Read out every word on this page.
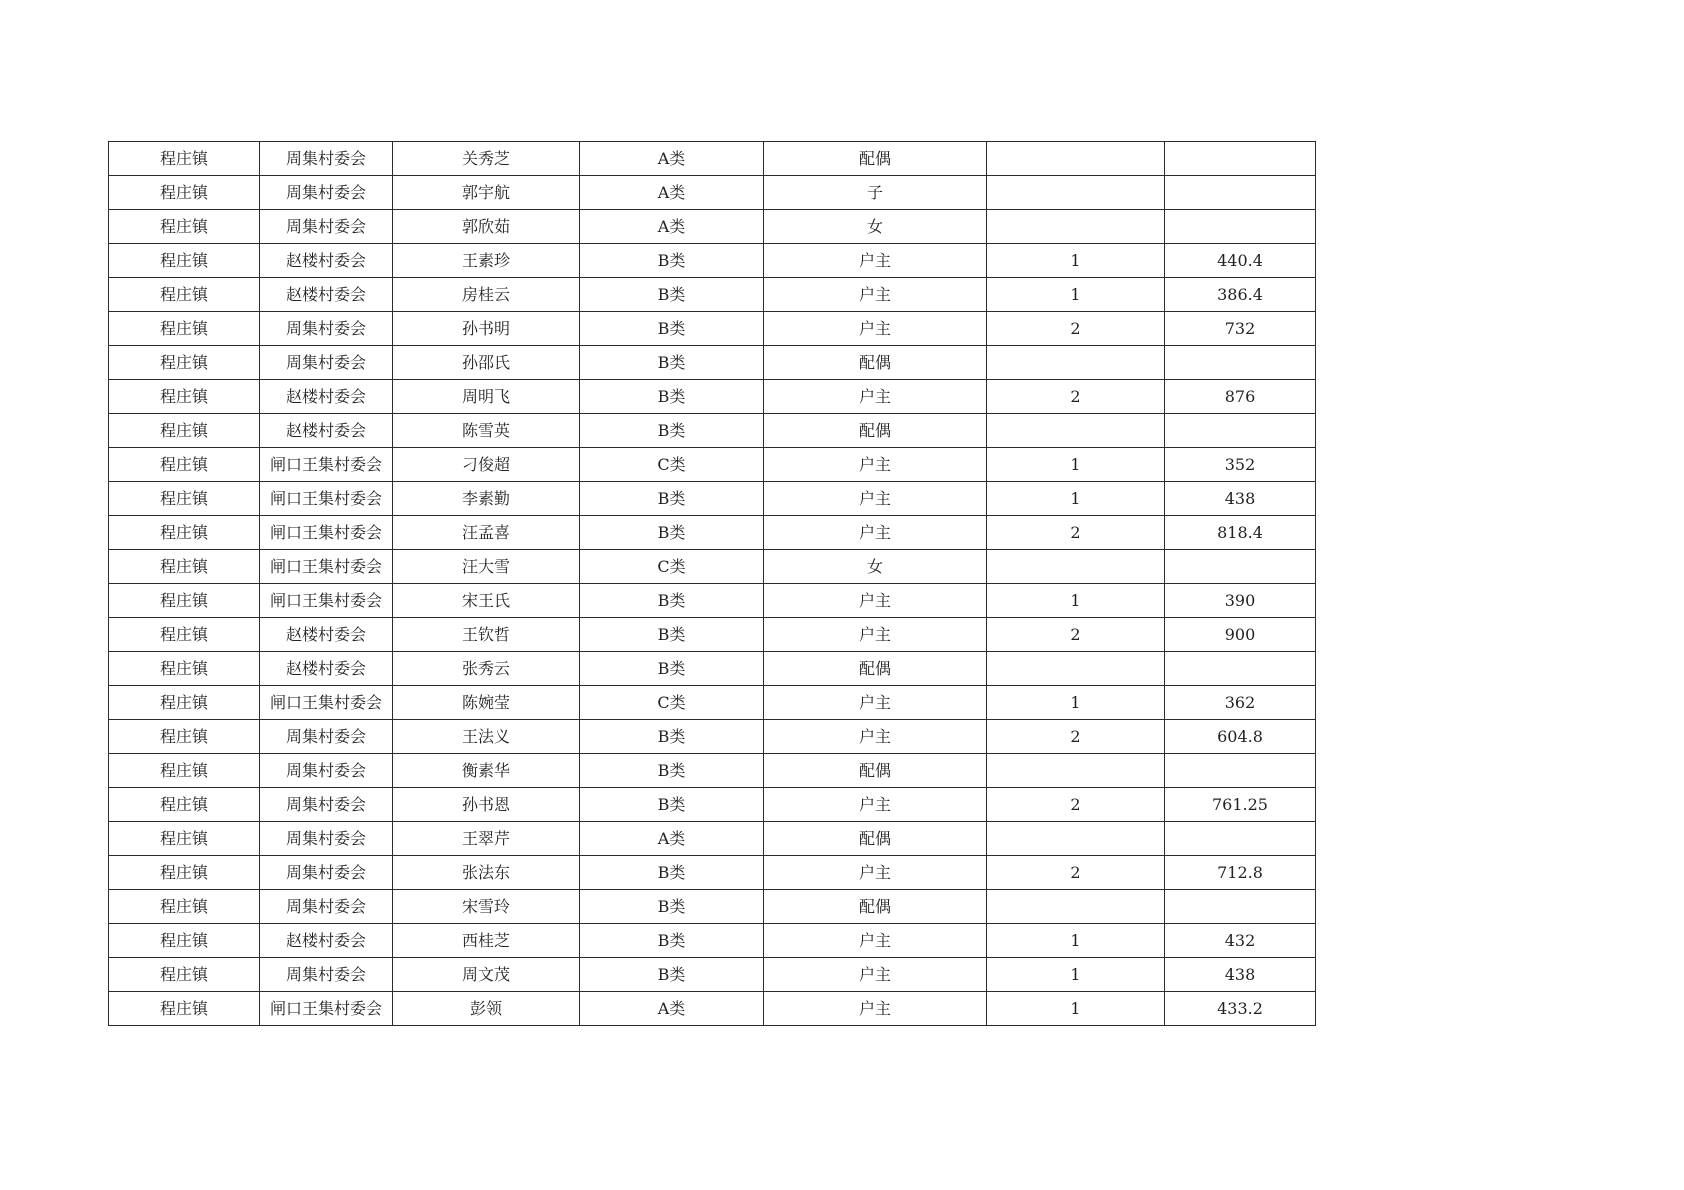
程庄镇	周集村委会	关秀芝	A类	配偶		
程庄镇	周集村委会	郭宇航	A类	子		
程庄镇	周集村委会	郭欣茹	A类	女		
程庄镇	赵楼村委会	王素珍	B类	户主	1	440.4
程庄镇	赵楼村委会	房桂云	B类	户主	1	386.4
程庄镇	周集村委会	孙书明	B类	户主	2	732
程庄镇	周集村委会	孙邵氏	B类	配偶		
程庄镇	赵楼村委会	周明飞	B类	户主	2	876
程庄镇	赵楼村委会	陈雪英	B类	配偶		
程庄镇	闸口王集村委会	刁俊超	C类	户主	1	352
程庄镇	闸口王集村委会	李素勤	B类	户主	1	438
程庄镇	闸口王集村委会	汪孟喜	B类	户主	2	818.4
程庄镇	闸口王集村委会	汪大雪	C类	女		
程庄镇	闸口王集村委会	宋王氏	B类	户主	1	390
程庄镇	赵楼村委会	王钦哲	B类	户主	2	900
程庄镇	赵楼村委会	张秀云	B类	配偶		
程庄镇	闸口王集村委会	陈婉莹	C类	户主	1	362
程庄镇	周集村委会	王法义	B类	户主	2	604.8
程庄镇	周集村委会	衡素华	B类	配偶		
程庄镇	周集村委会	孙书恩	B类	户主	2	761.25
程庄镇	周集村委会	王翠芹	A类	配偶		
程庄镇	周集村委会	张法东	B类	户主	2	712.8
程庄镇	周集村委会	宋雪玲	B类	配偶		
程庄镇	赵楼村委会	西桂芝	B类	户主	1	432
程庄镇	周集村委会	周文茂	B类	户主	1	438
程庄镇	闸口王集村委会	彭领	A类	户主	1	433.2
